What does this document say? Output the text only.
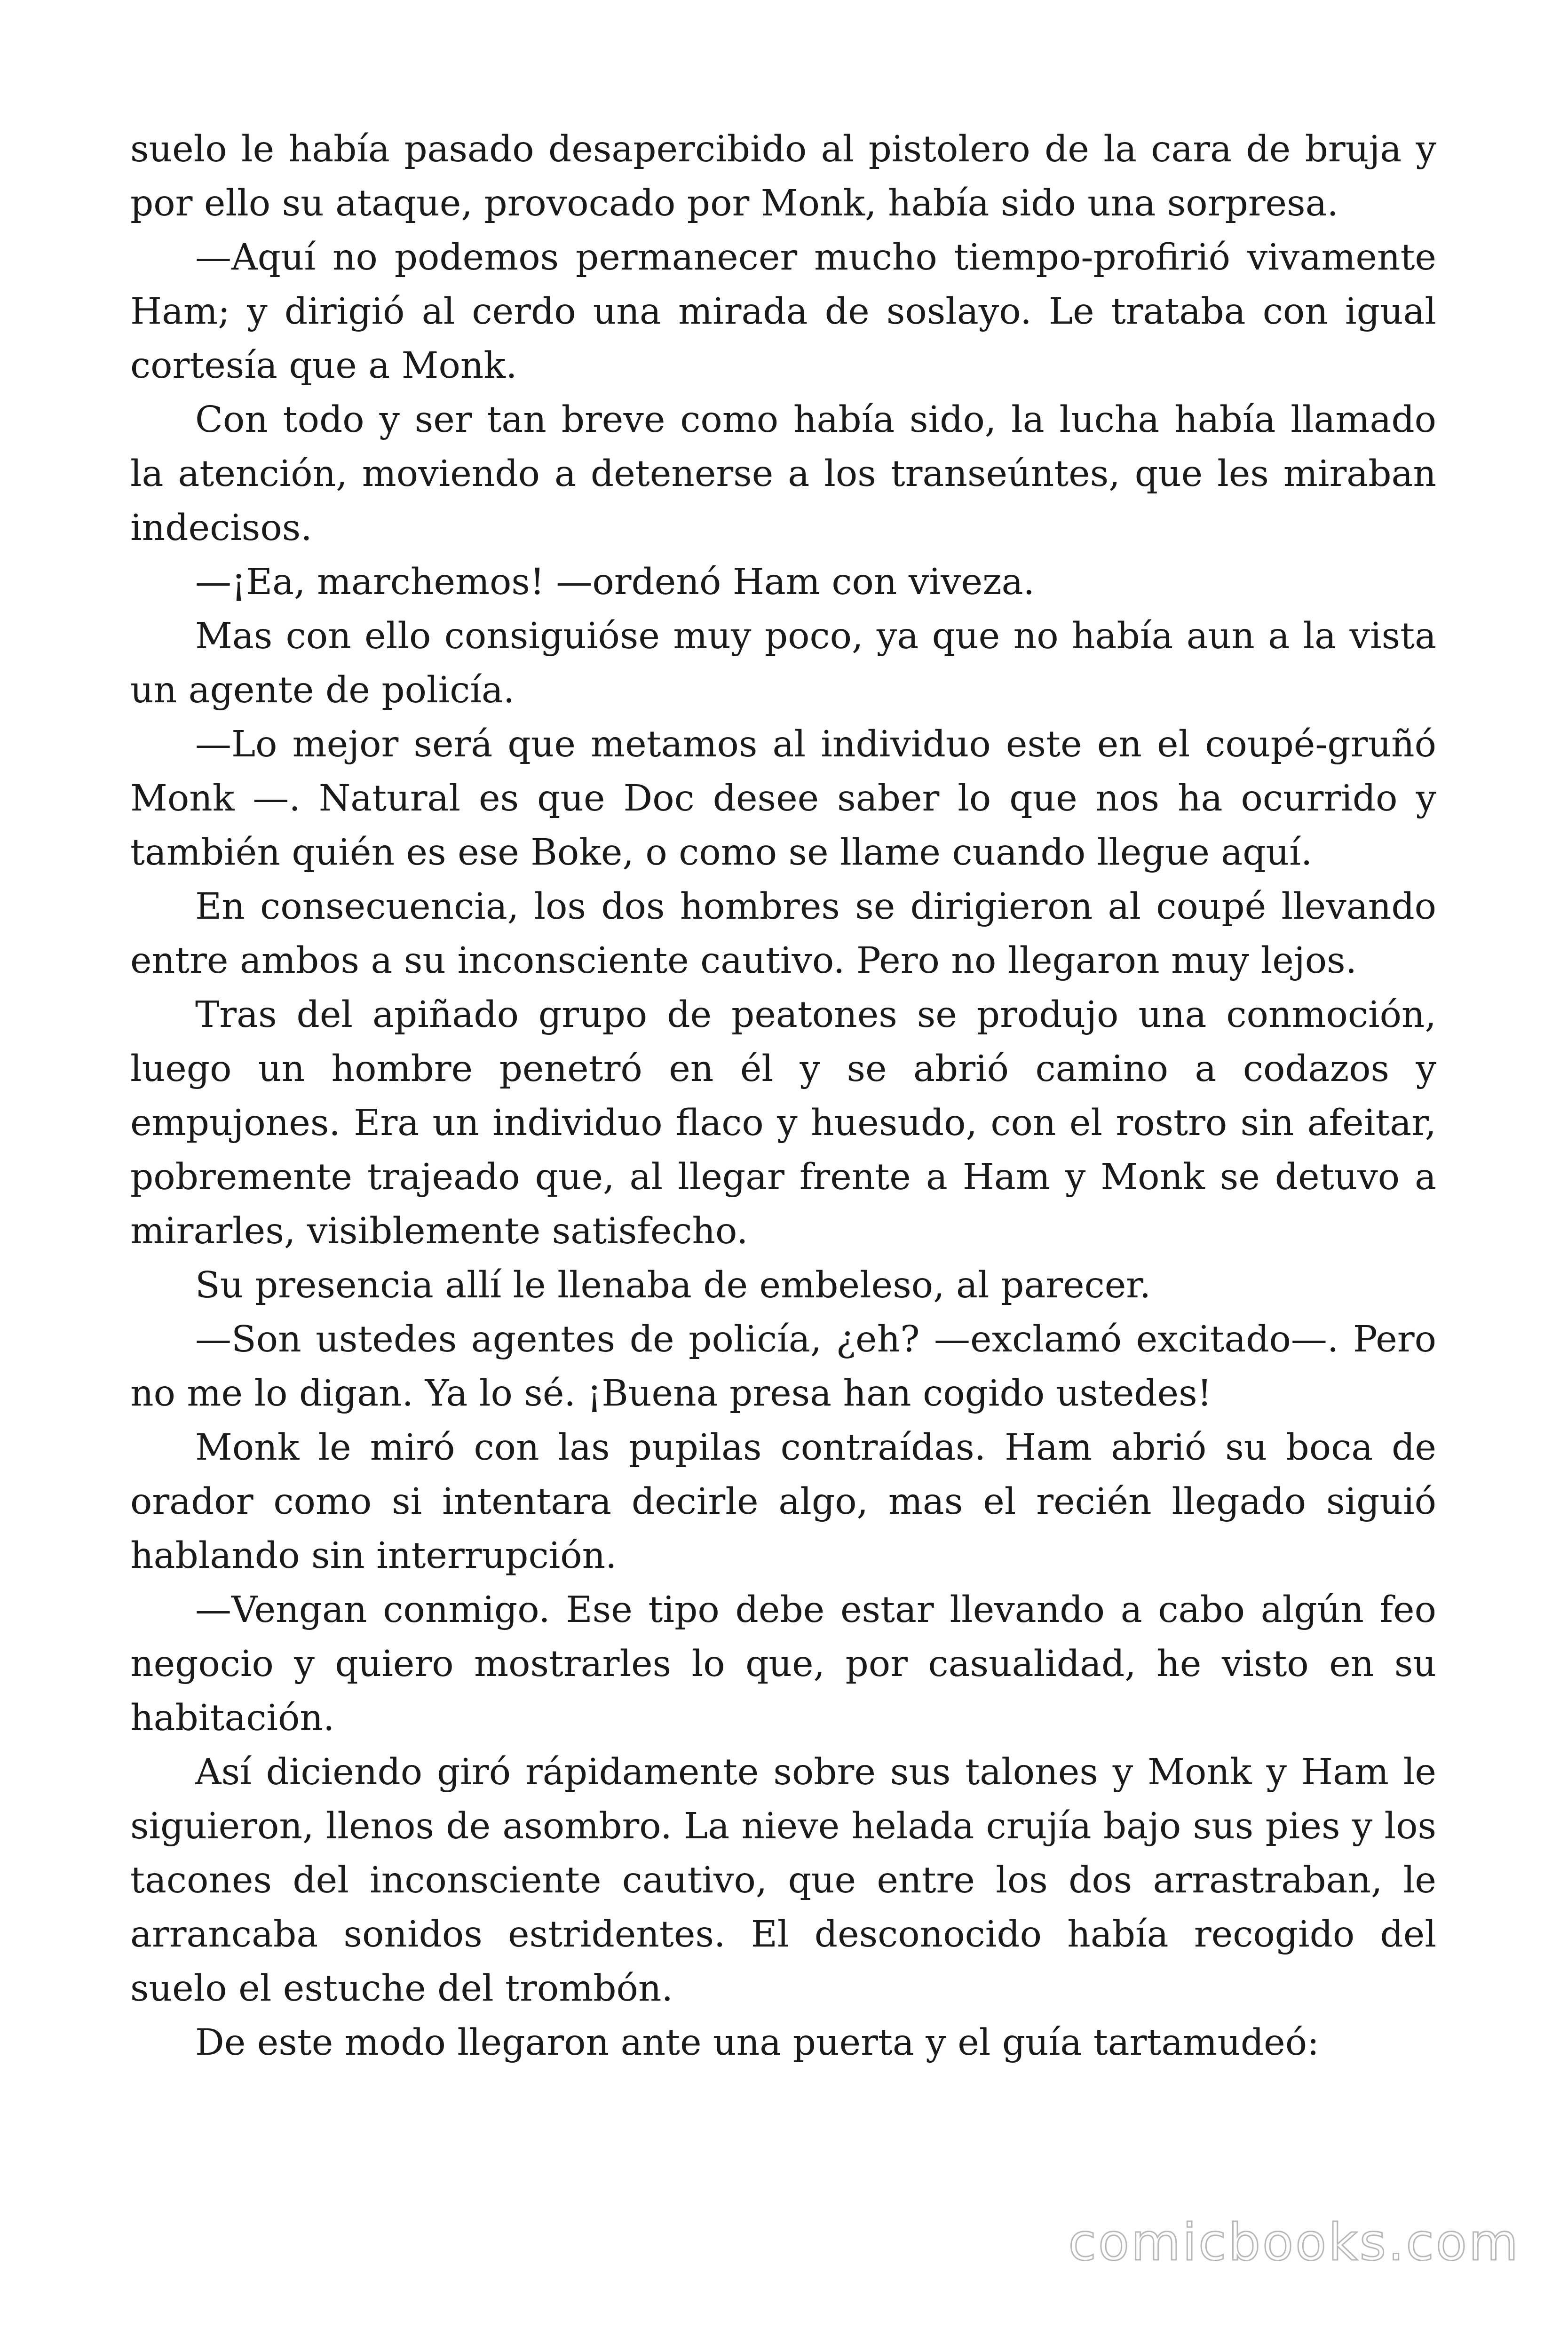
suelo le había pasado desapercibido al pistolero de la cara de bruja y por ello su ataque, provocado por Monk, había sido una sorpresa.

—Aquí no podemos permanecer mucho tiempo-profirió vivamente Ham; y dirigió al cerdo una mirada de soslayo. Le trataba con igual cortesía que a Monk.

Con todo y ser tan breve como había sido, la lucha había llamado la atención, moviendo a detenerse a los transeúntes, que les miraban indecisos.

—¡Ea, marchemos! —ordenó Ham con viveza.

Mas con ello consiguióse muy poco, ya que no había aun a la vista un agente de policía.

—Lo mejor será que metamos al individuo este en el coupé-gruñó Monk —. Natural es que Doc desee saber lo que nos ha ocurrido y también quién es ese Boke, o como se llame cuando llegue aquí.

En consecuencia, los dos hombres se dirigieron al coupé llevando entre ambos a su inconsciente cautivo. Pero no llegaron muy lejos.

Tras del apiñado grupo de peatones se produjo una conmoción, luego un hombre penetró en él y se abrió camino a codazos y empujones. Era un individuo flaco y huesudo, con el rostro sin afeitar, pobremente trajeado que, al llegar frente a Ham y Monk se detuvo a mirarles, visiblemente satisfecho.

Su presencia allí le llenaba de embeleso, al parecer.

—Son ustedes agentes de policía, ¿eh? —exclamó excitado—. Pero no me lo digan. Ya lo sé. ¡Buena presa han cogido ustedes!

Monk le miró con las pupilas contraídas. Ham abrió su boca de orador como si intentara decirle algo, mas el recién llegado siguió hablando sin interrupción.

—Vengan conmigo. Ese tipo debe estar llevando a cabo algún feo negocio y quiero mostrarles lo que, por casualidad, he visto en su habitación.

Así diciendo giró rápidamente sobre sus talones y Monk y Ham le siguieron, llenos de asombro. La nieve helada crujía bajo sus pies y los tacones del inconsciente cautivo, que entre los dos arrastraban, le arrancaba sonidos estridentes. El desconocido había recogido del suelo el estuche del trombón.

De este modo llegaron ante una puerta y el guía tartamudeó:

comicbooks.com
